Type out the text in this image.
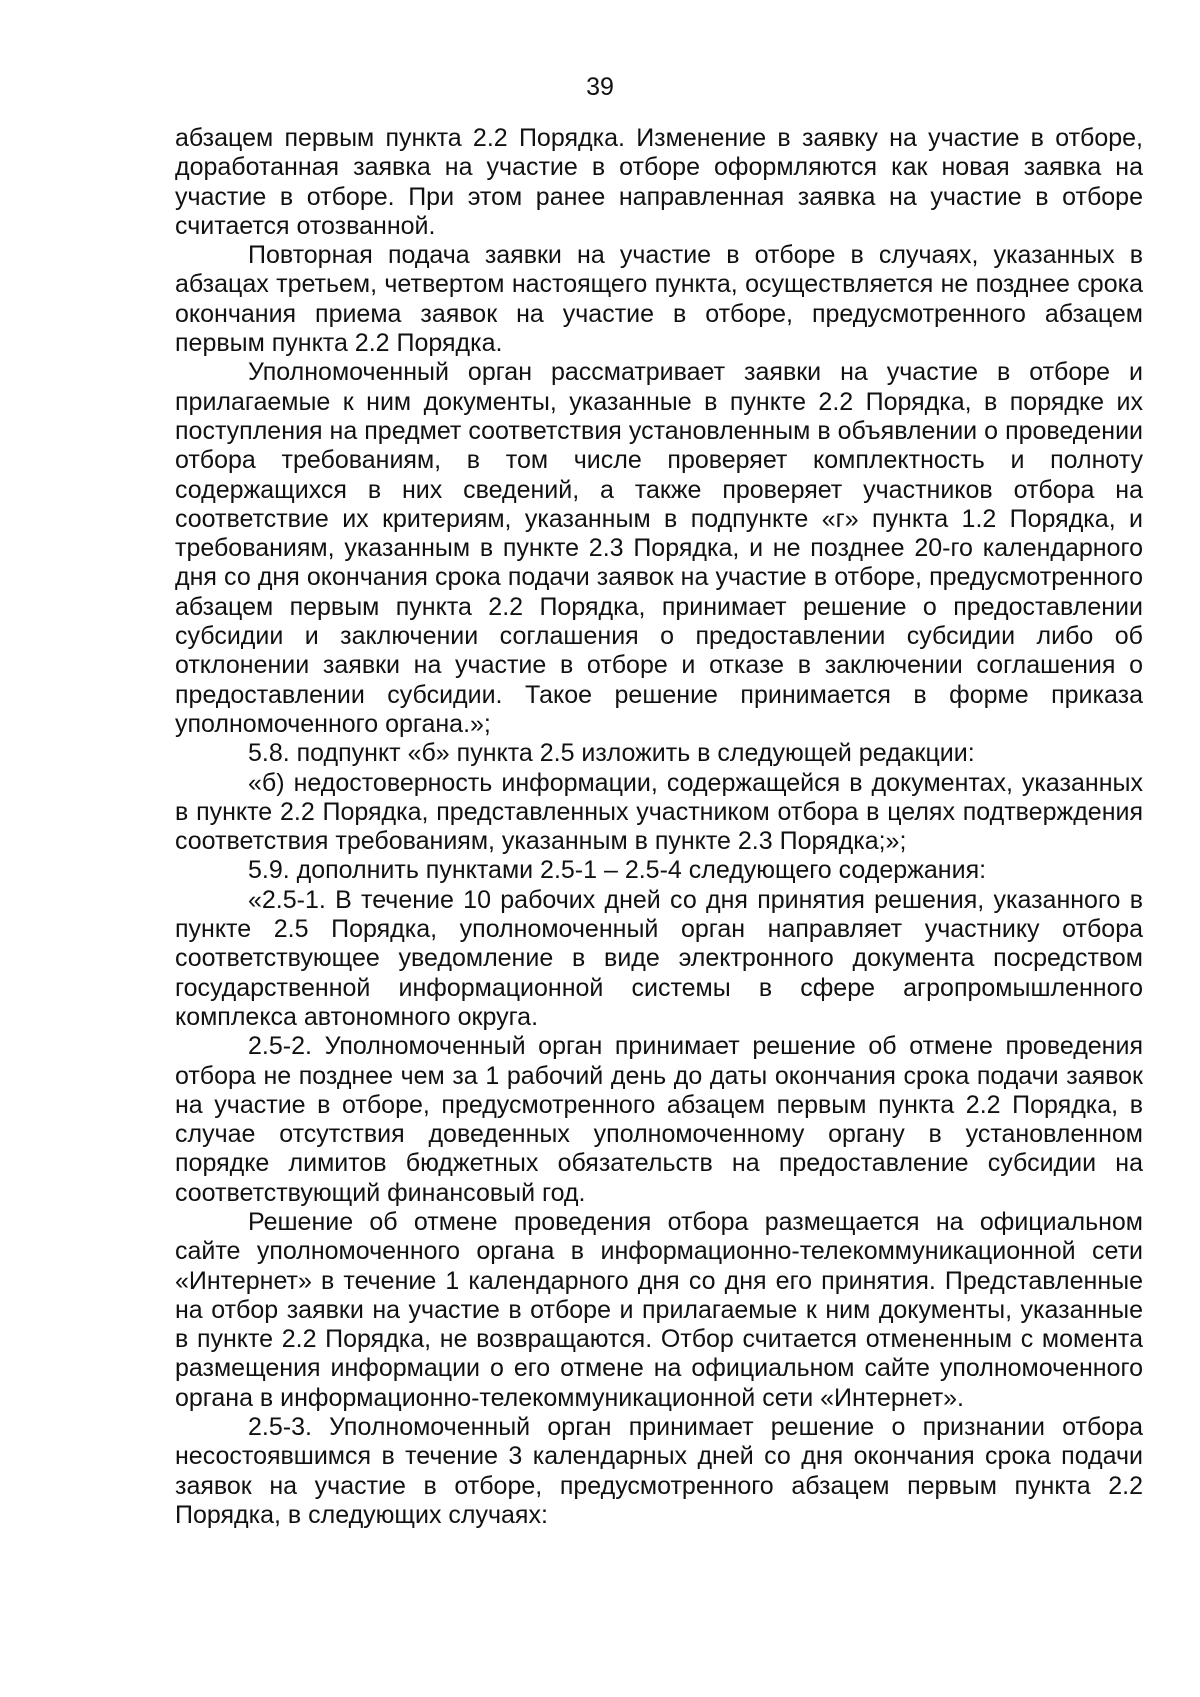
39

абзацем первым пункта 2.2 Порядка. Изменение в заявку на участие в отборе, доработанная заявка на участие в отборе оформляются как новая заявка на участие в отборе. При этом ранее направленная заявка на участие в отборе считается отозванной.

Повторная подача заявки на участие в отборе в случаях, указанных в абзацах третьем, четвертом настоящего пункта, осуществляется не позднее срока окончания приема заявок на участие в отборе, предусмотренного абзацем первым пункта 2.2 Порядка.

Уполномоченный орган рассматривает заявки на участие в отборе и прилагаемые к ним документы, указанные в пункте 2.2 Порядка, в порядке их поступления на предмет соответствия установленным в объявлении о проведении отбора требованиям, в том числе проверяет комплектность и полноту содержащихся в них сведений, а также проверяет участников отбора на соответствие их критериям, указанным в подпункте «г» пункта 1.2 Порядка, и требованиям, указанным в пункте 2.3 Порядка, и не позднее 20-го календарного дня со дня окончания срока подачи заявок на участие в отборе, предусмотренного абзацем первым пункта 2.2 Порядка, принимает решение о предоставлении субсидии и заключении соглашения о предоставлении субсидии либо об отклонении заявки на участие в отборе и отказе в заключении соглашения о предоставлении субсидии. Такое решение принимается в форме приказа уполномоченного органа.»;

5.8. подпункт «б» пункта 2.5 изложить в следующей редакции:

«б) недостоверность информации, содержащейся в документах, указанных в пункте 2.2 Порядка, представленных участником отбора в целях подтверждения соответствия требованиям, указанным в пункте 2.3 Порядка;»;

5.9. дополнить пунктами 2.5-1 – 2.5-4 следующего содержания:

«2.5-1. В течение 10 рабочих дней со дня принятия решения, указанного в пункте 2.5 Порядка, уполномоченный орган направляет участнику отбора соответствующее уведомление в виде электронного документа посредством государственной информационной системы в сфере агропромышленного комплекса автономного округа.

2.5-2. Уполномоченный орган принимает решение об отмене проведения отбора не позднее чем за 1 рабочий день до даты окончания срока подачи заявок на участие в отборе, предусмотренного абзацем первым пункта 2.2 Порядка, в случае отсутствия доведенных уполномоченному органу в установленном порядке лимитов бюджетных обязательств на предоставление субсидии на соответствующий финансовый год.

Решение об отмене проведения отбора размещается на официальном сайте уполномоченного органа в информационно-телекоммуникационной сети «Интернет» в течение 1 календарного дня со дня его принятия. Представленные на отбор заявки на участие в отборе и прилагаемые к ним документы, указанные в пункте 2.2 Порядка, не возвращаются. Отбор считается отмененным с момента размещения информации о его отмене на официальном сайте уполномоченного органа в информационно-телекоммуникационной сети «Интернет».

2.5-3. Уполномоченный орган принимает решение о признании отбора несостоявшимся в течение 3 календарных дней со дня окончания срока подачи заявок на участие в отборе, предусмотренного абзацем первым пункта 2.2 Порядка, в следующих случаях:
